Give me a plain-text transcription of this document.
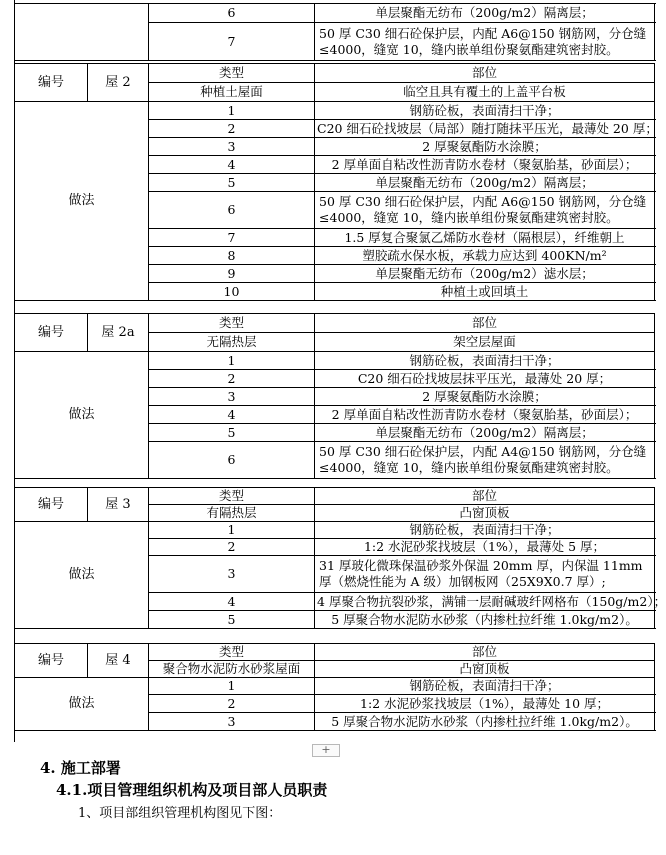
	6	单层聚酯无纺布（200g/m2）隔离层；
	7	50 厚 C30 细石砼保护层，内配 A6@150 钢筋网，分仓缝≤4000，缝宽 10，缝内嵌单组份聚氨酯建筑密封胶。
编号	屋 2	类型	部位
		种植土屋面	临空且具有覆土的上盖平台板
做法		1	钢筋砼板，表面清扫干净；
		2	C20 细石砼找坡层（局部）随打随抹平压光，最薄处 20 厚；
		3	2 厚聚氨酯防水涂膜；
		4	2 厚单面自粘改性沥青防水卷材（聚氨胎基，砂面层）；
		5	单层聚酯无纺布（200g/m2）隔离层；
		6	50 厚 C30 细石砼保护层，内配 A6@150 钢筋网，分仓缝≤4000，缝宽 10，缝内嵌单组份聚氨酯建筑密封胶。
		7	1.5 厚复合聚氯乙烯防水卷材（隔根层），纤维朝上
		8	塑胶疏水保水板，承载力应达到 400KN/m²
		9	单层聚酯无纺布（200g/m2）滤水层；
		10	种植土或回填土
编号	屋 2a	类型	部位
		无隔热层	架空层屋面
做法		1	钢筋砼板，表面清扫干净；
		2	C20 细石砼找坡层抹平压光，最薄处 20 厚；
		3	2 厚聚氨酯防水涂膜；
		4	2 厚单面自粘改性沥青防水卷材（聚氨胎基，砂面层）；
		5	单层聚酯无纺布（200g/m2）隔离层；
		6	50 厚 C30 细石砼保护层，内配 A4@150 钢筋网，分仓缝≤4000，缝宽 10，缝内嵌单组份聚氨酯建筑密封胶。
编号	屋 3	类型	部位
		有隔热层	凸窗顶板
做法		1	钢筋砼板，表面清扫干净；
		2	1:2 水泥砂浆找坡层（1%），最薄处 5 厚；
		3	31 厚玻化微珠保温砂浆外保温 20mm 厚，内保温 11mm 厚（燃烧性能为 A 级）加钢板网（25X9X0.7 厚）;
		4	4 厚聚合物抗裂砂浆，满铺一层耐碱玻纤网格布（150g/m2）；
		5	5 厚聚合物水泥防水砂浆（内掺杜拉纤维 1.0kg/m2）。
编号	屋 4	类型	部位
		聚合物水泥防水砂浆屋面	凸窗顶板
做法		1	钢筋砼板，表面清扫干净；
		2	1:2 水泥砂浆找坡层（1%），最薄处 10 厚；
		3	5 厚聚合物水泥防水砂浆（内掺杜拉纤维 1.0kg/m2）。
+
4. 施工部署
4.1.项目管理组织机构及项目部人员职责

1、项目部组织管理机构图见下图：
